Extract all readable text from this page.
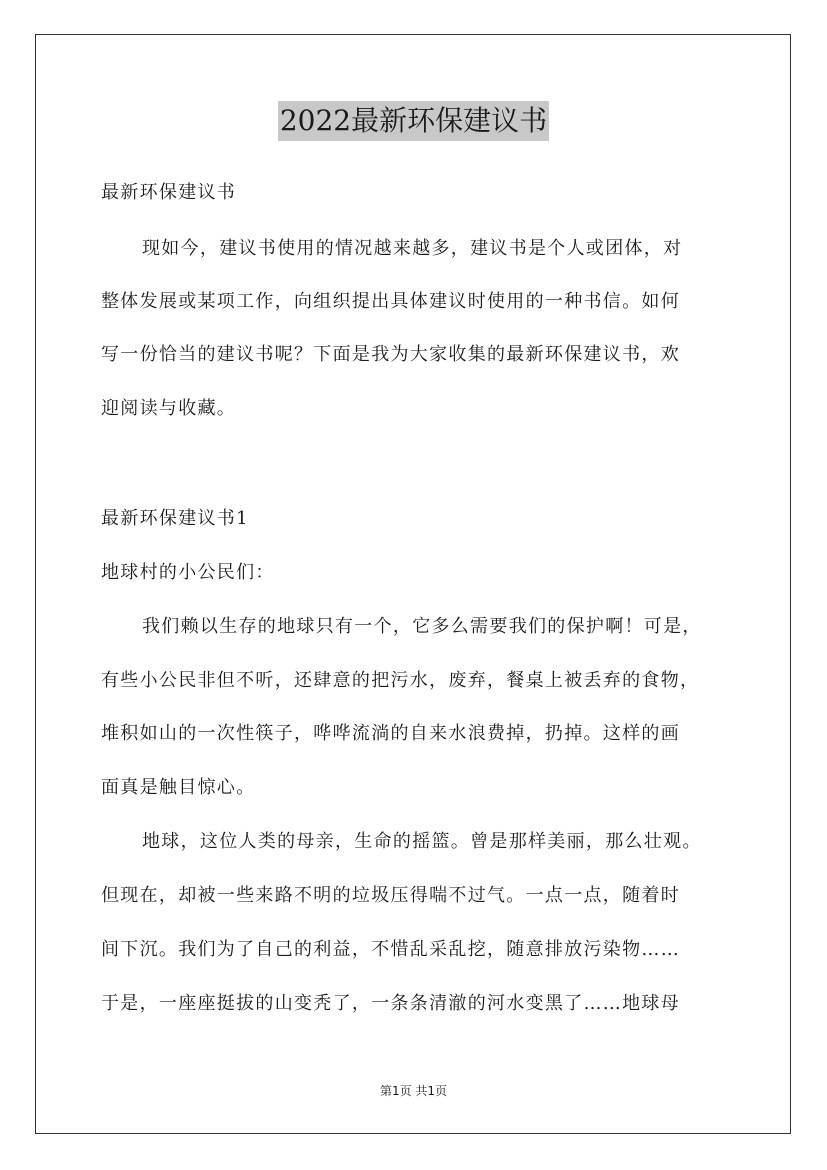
2022最新环保建议书
最新环保建议书
现如今，建议书使用的情况越来越多，建议书是个人或团体，对
整体发展或某项工作，向组织提出具体建议时使用的一种书信。如何
写一份恰当的建议书呢？下面是我为大家收集的最新环保建议书，欢
迎阅读与收藏。
最新环保建议书1
地球村的小公民们：
我们赖以生存的地球只有一个，它多么需要我们的保护啊！可是，
有些小公民非但不听，还肆意的把污水，废弃，餐桌上被丢弃的食物，
堆积如山的一次性筷子，哗哗流淌的自来水浪费掉，扔掉。这样的画
面真是触目惊心。
地球，这位人类的母亲，生命的摇篮。曾是那样美丽，那么壮观。
但现在，却被一些来路不明的垃圾压得喘不过气。一点一点，随着时
间下沉。我们为了自己的利益，不惜乱采乱挖，随意排放污染物……
于是，一座座挺拔的山变秃了，一条条清澈的河水变黑了……地球母
第1页 共1页
